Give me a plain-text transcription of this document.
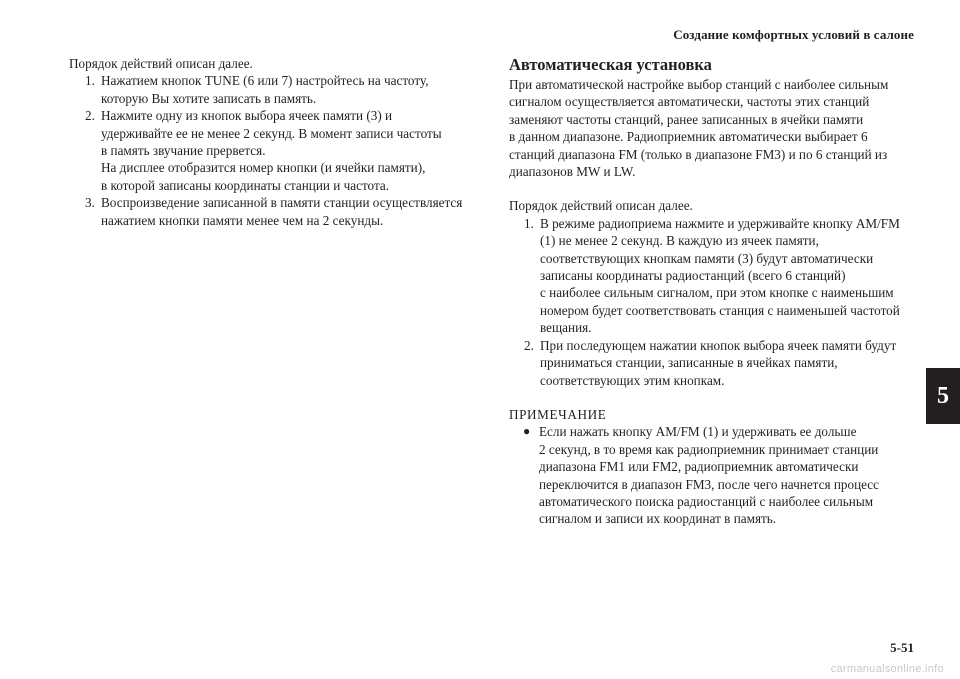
Создание комфортных условий в салоне

Порядок действий описан далее.

1. Нажатием кнопок TUNE (6 или 7) настройтесь на частоту,
которую Вы хотите записать в память.
2. Нажмите одну из кнопок выбора ячеек памяти (3) и
удерживайте ее не менее 2 секунд. В момент записи частоты
в память звучание прервется.
На дисплее отобразится номер кнопки (и ячейки памяти),
в которой записаны координаты станции и частота.
3. Воспроизведение записанной в памяти станции осуществляется
нажатием кнопки памяти менее чем на 2 секунды.
Автоматическая установка

При автоматической настройке выбор станций с наиболее сильным
сигналом осуществляется автоматически, частоты этих станций
заменяют частоты станций, ранее записанных в ячейки памяти
в данном диапазоне. Радиоприемник автоматически выбирает 6
станций диапазона FM (только в диапазоне FM3) и по 6 станций из
диапазонов MW и LW.

Порядок действий описан далее.

1. В режиме радиоприема нажмите и удерживайте кнопку AM/FM
(1) не менее 2 секунд. В каждую из ячеек памяти,
соответствующих кнопкам памяти (3) будут автоматически
записаны координаты радиостанций (всего 6 станций)
с наиболее сильным сигналом, при этом кнопке с наименьшим
номером будет соответствовать станция с наименьшей частотой
вещания.
2. При последующем нажатии кнопок выбора ячеек памяти будут
приниматься станции, записанные в ячейках памяти,
соответствующих этим кнопкам.

ПРИМЕЧАНИЕ

● Если нажать кнопку AM/FM (1) и удерживать ее дольше
2 секунд, в то время как радиоприемник принимает станции
диапазона FM1 или FM2, радиоприемник автоматически
переключится в диапазон FM3, после чего начнется процесс
автоматического поиска радиостанций с наиболее сильным
сигналом и записи их координат в память.
5
5-51
carmanualsonline.info
